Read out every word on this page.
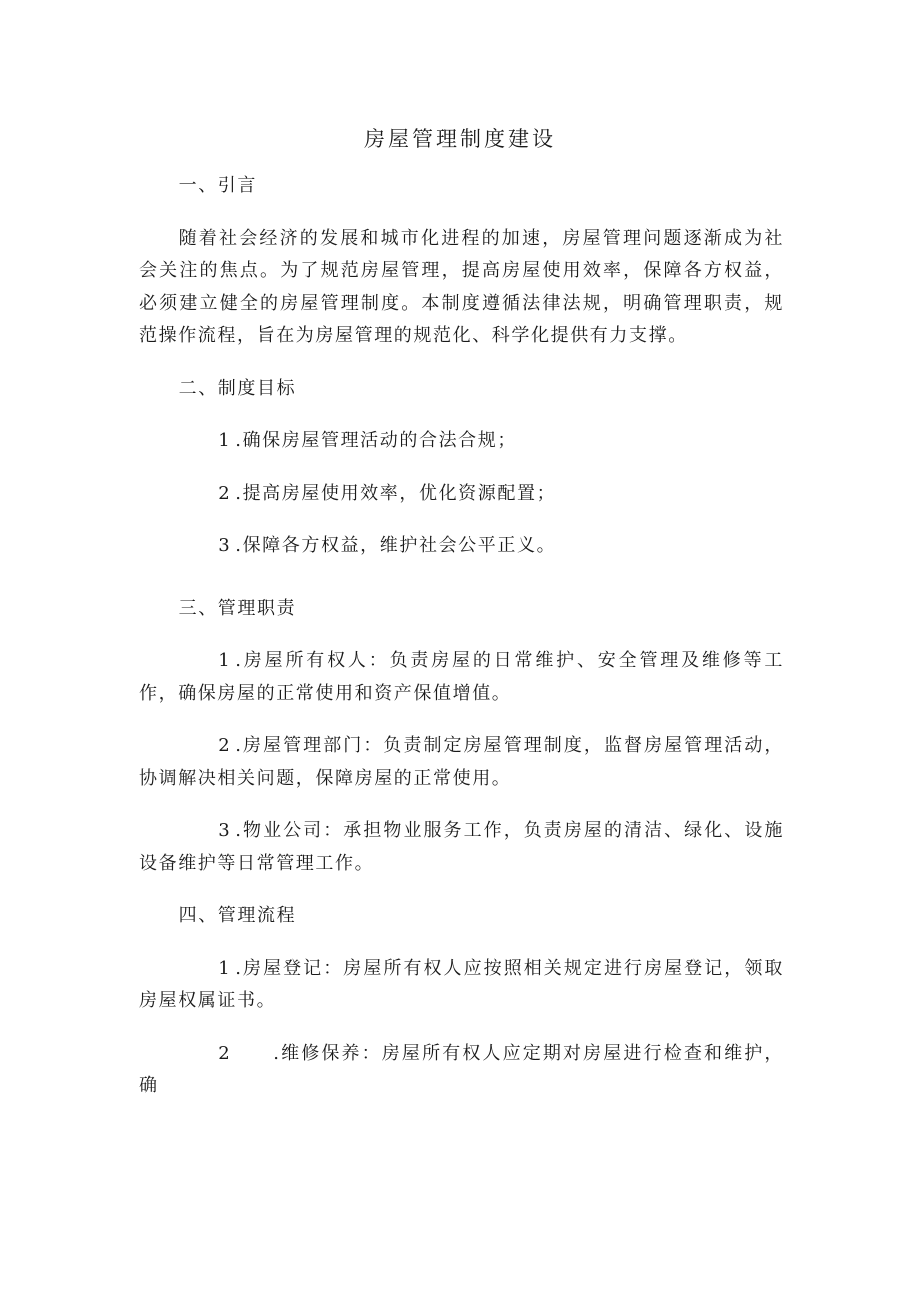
房屋管理制度建设

一、引言

随着社会经济的发展和城市化进程的加速，房屋管理问题逐渐成为社会关注的焦点。为了规范房屋管理，提高房屋使用效率，保障各方权益，必须建立健全的房屋管理制度。本制度遵循法律法规，明确管理职责，规范操作流程，旨在为房屋管理的规范化、科学化提供有力支撑。

二、制度目标

1 .确保房屋管理活动的合法合规；

2 .提高房屋使用效率，优化资源配置；

3 .保障各方权益，维护社会公平正义。

三、管理职责

1 .房屋所有权人：负责房屋的日常维护、安全管理及维修等工作，确保房屋的正常使用和资产保值增值。

2 .房屋管理部门：负责制定房屋管理制度，监督房屋管理活动，协调解决相关问题，保障房屋的正常使用。

3 .物业公司：承担物业服务工作，负责房屋的清洁、绿化、设施设备维护等日常管理工作。

四、管理流程

1 .房屋登记：房屋所有权人应按照相关规定进行房屋登记，领取房屋权属证书。

2 .维修保养：房屋所有权人应定期对房屋进行检查和维护，确
